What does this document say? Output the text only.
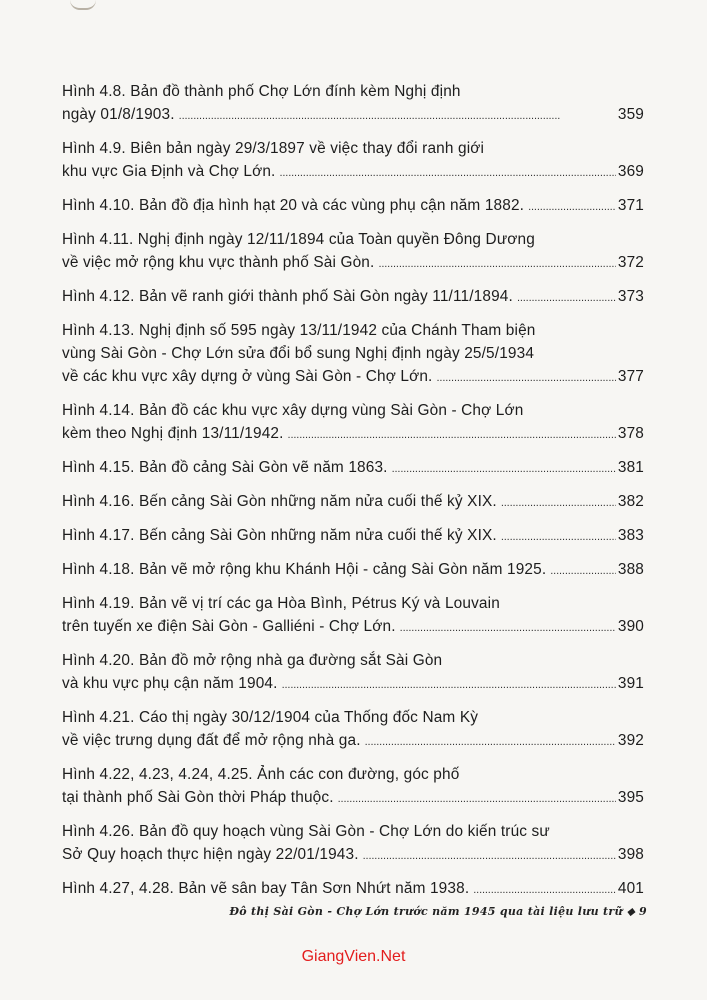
Hình 4.8. Bản đồ thành phố Chợ Lớn đính kèm Nghị định
ngày 01/8/1903. . . .	359
Hình 4.9. Biên bản ngày 29/3/1897 về việc thay đổi ranh giới
khu vực Gia Định và Chợ Lớn. . . .	369
Hình 4.10. Bản đồ địa hình hạt 20 và các vùng phụ cận năm 1882. . . .	371
Hình 4.11. Nghị định ngày 12/11/1894 của Toàn quyền Đông Dương
về việc mở rộng khu vực thành phố Sài Gòn. . . .	372
Hình 4.12. Bản vẽ ranh giới thành phố Sài Gòn ngày 11/11/1894. . . .	373
Hình 4.13. Nghị định số 595 ngày 13/11/1942 của Chánh Tham biện
vùng Sài Gòn - Chợ Lớn sửa đổi bổ sung Nghị định ngày 25/5/1934
về các khu vực xây dựng ở vùng Sài Gòn - Chợ Lớn. . . .	377
Hình 4.14. Bản đồ các khu vực xây dựng vùng Sài Gòn - Chợ Lớn
kèm theo Nghị định 13/11/1942. . . .	378
Hình 4.15. Bản đồ cảng Sài Gòn vẽ năm 1863. . . .	381
Hình 4.16. Bến cảng Sài Gòn những năm nửa cuối thế kỷ XIX. . . .	382
Hình 4.17. Bến cảng Sài Gòn những năm nửa cuối thế kỷ XIX. . . .	383
Hình 4.18. Bản vẽ mở rộng khu Khánh Hội - cảng Sài Gòn năm 1925. . . .	388
Hình 4.19. Bản vẽ vị trí các ga Hòa Bình, Pétrus Ký và Louvain
trên tuyến xe điện Sài Gòn - Galliéni - Chợ Lớn. . . .	390
Hình 4.20. Bản đồ mở rộng nhà ga đường sắt Sài Gòn
và khu vực phụ cận năm 1904. . . .	391
Hình 4.21. Cáo thị ngày 30/12/1904 của Thống đốc Nam Kỳ
về việc trưng dụng đất để mở rộng nhà ga. . . .	392
Hình 4.22, 4.23, 4.24, 4.25. Ảnh các con đường, góc phố
tại thành phố Sài Gòn thời Pháp thuộc. . . .	395
Hình 4.26. Bản đồ quy hoạch vùng Sài Gòn - Chợ Lớn do kiến trúc sư
Sở Quy hoạch thực hiện ngày 22/01/1943. . . .	398
Hình 4.27, 4.28. Bản vẽ sân bay Tân Sơn Nhứt năm 1938. . . .	401
Đô thị Sài Gòn - Chợ Lớn trước năm 1945 qua tài liệu lưu trữ ⬥ 9
GiangVien.Net
